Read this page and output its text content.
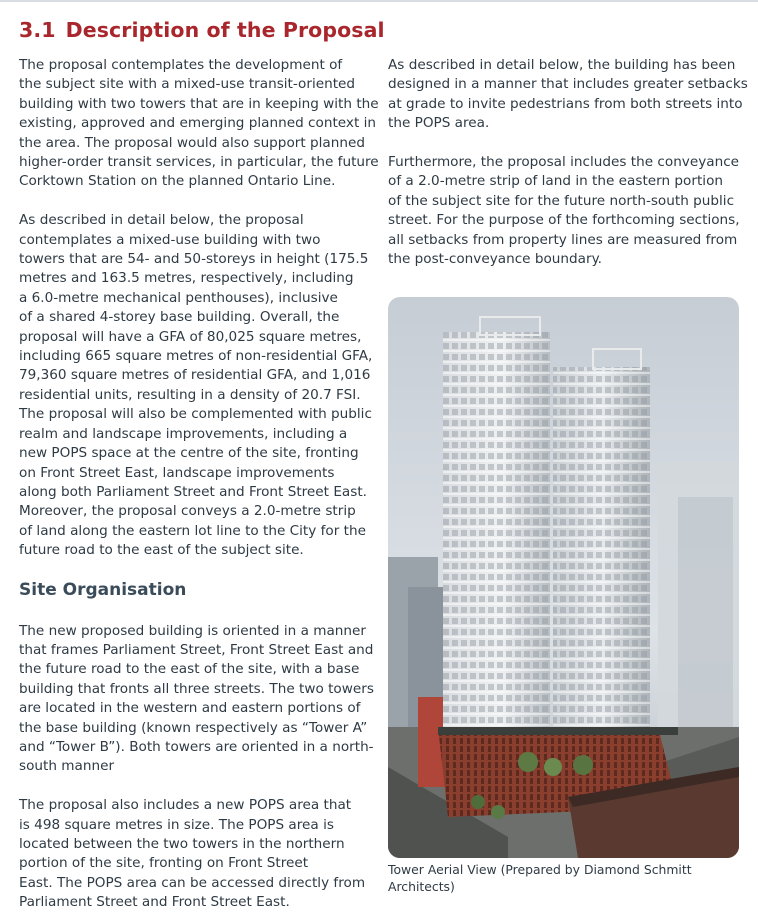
3.1 Description of the Proposal

The proposal contemplates the development of
the subject site with a mixed-use transit-oriented
building with two towers that are in keeping with the
existing, approved and emerging planned context in
the area. The proposal would also support planned
higher-order transit services, in particular, the future
Corktown Station on the planned Ontario Line.

As described in detail below, the proposal
contemplates a mixed-use building with two
towers that are 54- and 50-storeys in height (175.5
metres and 163.5 metres, respectively, including
a 6.0-metre mechanical penthouses), inclusive
of a shared 4-storey base building. Overall, the
proposal will have a GFA of 80,025 square metres,
including 665 square metres of non-residential GFA,
79,360 square metres of residential GFA, and 1,016
residential units, resulting in a density of 20.7 FSI.
The proposal will also be complemented with public
realm and landscape improvements, including a
new POPS space at the centre of the site, fronting
on Front Street East, landscape improvements
along both Parliament Street and Front Street East.
Moreover, the proposal conveys a 2.0-metre strip
of land along the eastern lot line to the City for the
future road to the east of the subject site.

Site Organisation

The new proposed building is oriented in a manner
that frames Parliament Street, Front Street East and
the future road to the east of the site, with a base
building that fronts all three streets. The two towers
are located in the western and eastern portions of
the base building (known respectively as “Tower A”
and “Tower B”). Both towers are oriented in a north-
south manner

The proposal also includes a new POPS area that
is 498 square metres in size. The POPS area is
located between the two towers in the northern
portion of the site, fronting on Front Street
East. The POPS area can be accessed directly from
Parliament Street and Front Street East.

As described in detail below, the building has been
designed in a manner that includes greater setbacks
at grade to invite pedestrians from both streets into
the POPS area.

Furthermore, the proposal includes the conveyance
of a 2.0-metre strip of land in the eastern portion
of the subject site for the future north-south public
street. For the purpose of the forthcoming sections,
all setbacks from property lines are measured from
the post-conveyance boundary.

Tower Aerial View (Prepared by Diamond Schmitt
Architects)
